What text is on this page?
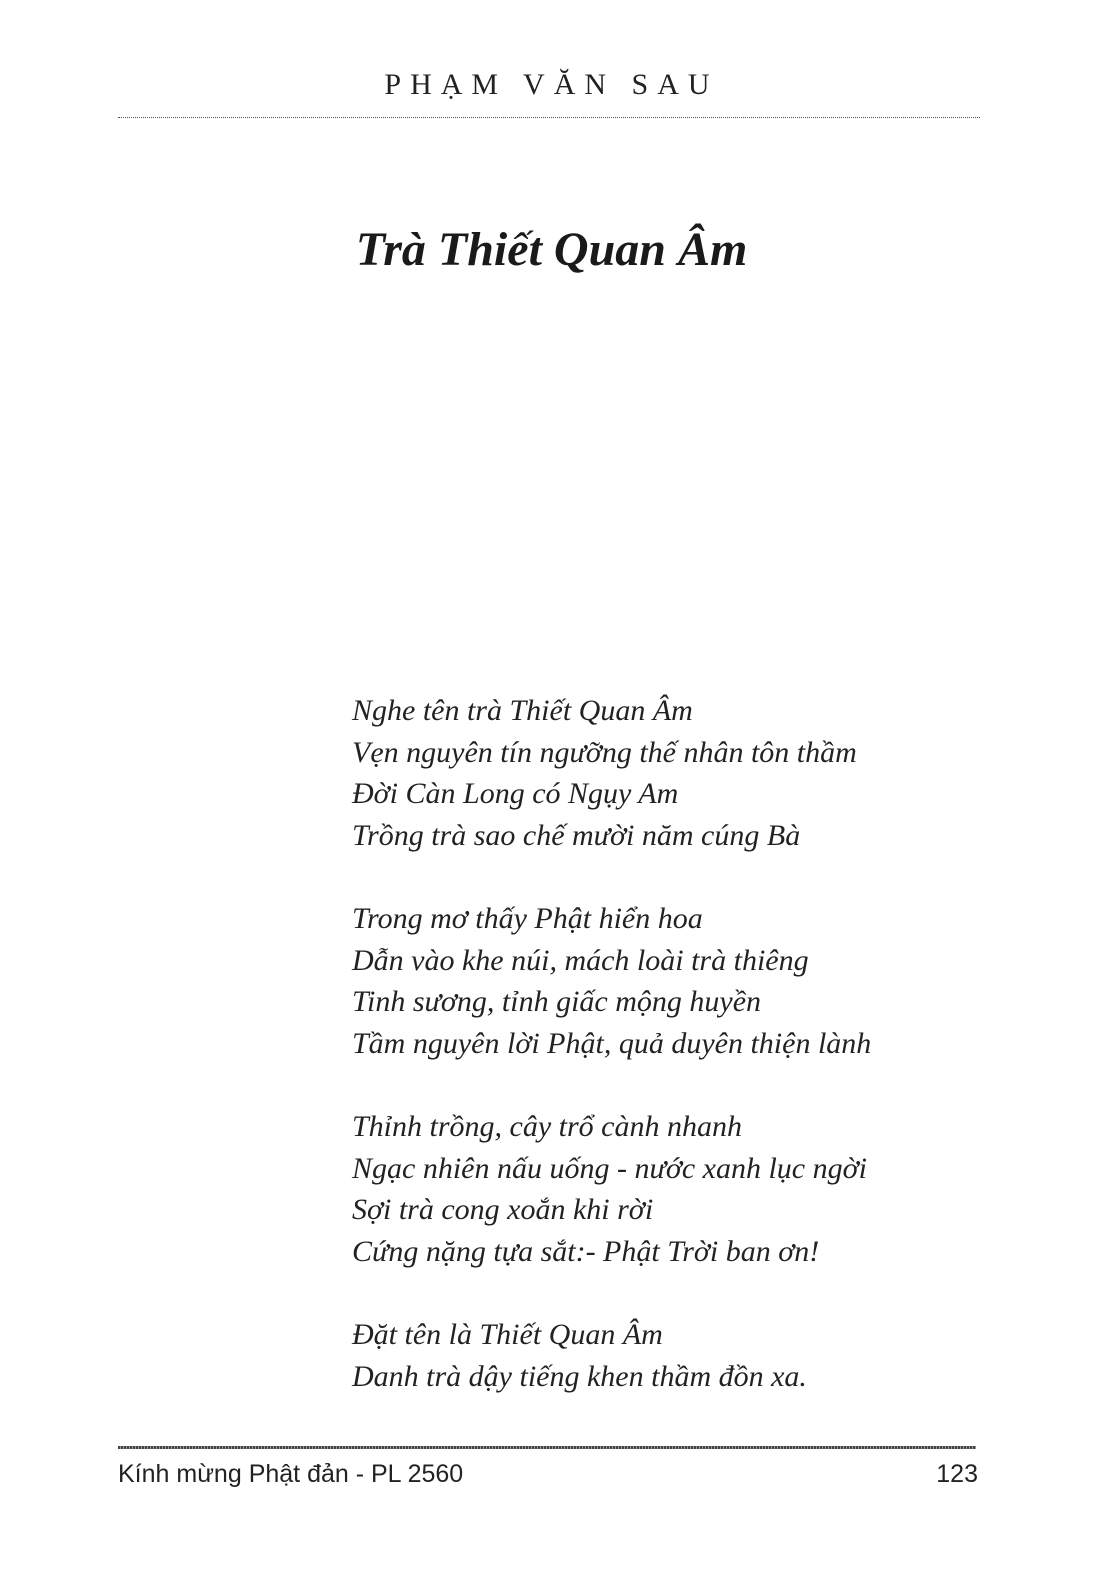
PHẠM VĂN SAU
Trà Thiết Quan Âm
Nghe tên trà Thiết Quan Âm
Vẹn nguyên tín ngưỡng thế nhân tôn thầm
Đời Càn Long có Ngụy Am
Trồng trà sao chế mười năm cúng Bà
Trong mơ thấy Phật hiển hoa
Dẫn vào khe núi, mách loài trà thiêng
Tinh sương, tỉnh giấc mộng huyền
Tầm nguyên lời Phật, quả duyên thiện lành
Thỉnh trồng, cây trổ cành nhanh
Ngạc nhiên nấu uống - nước xanh lục ngời
Sợi trà cong xoắn khi rời
Cứng nặng tựa sắt:- Phật Trời ban ơn!
Đặt tên là Thiết Quan Âm
Danh trà dậy tiếng khen thầm đồn xa.
Kính mừng Phật đản - PL 2560	123
